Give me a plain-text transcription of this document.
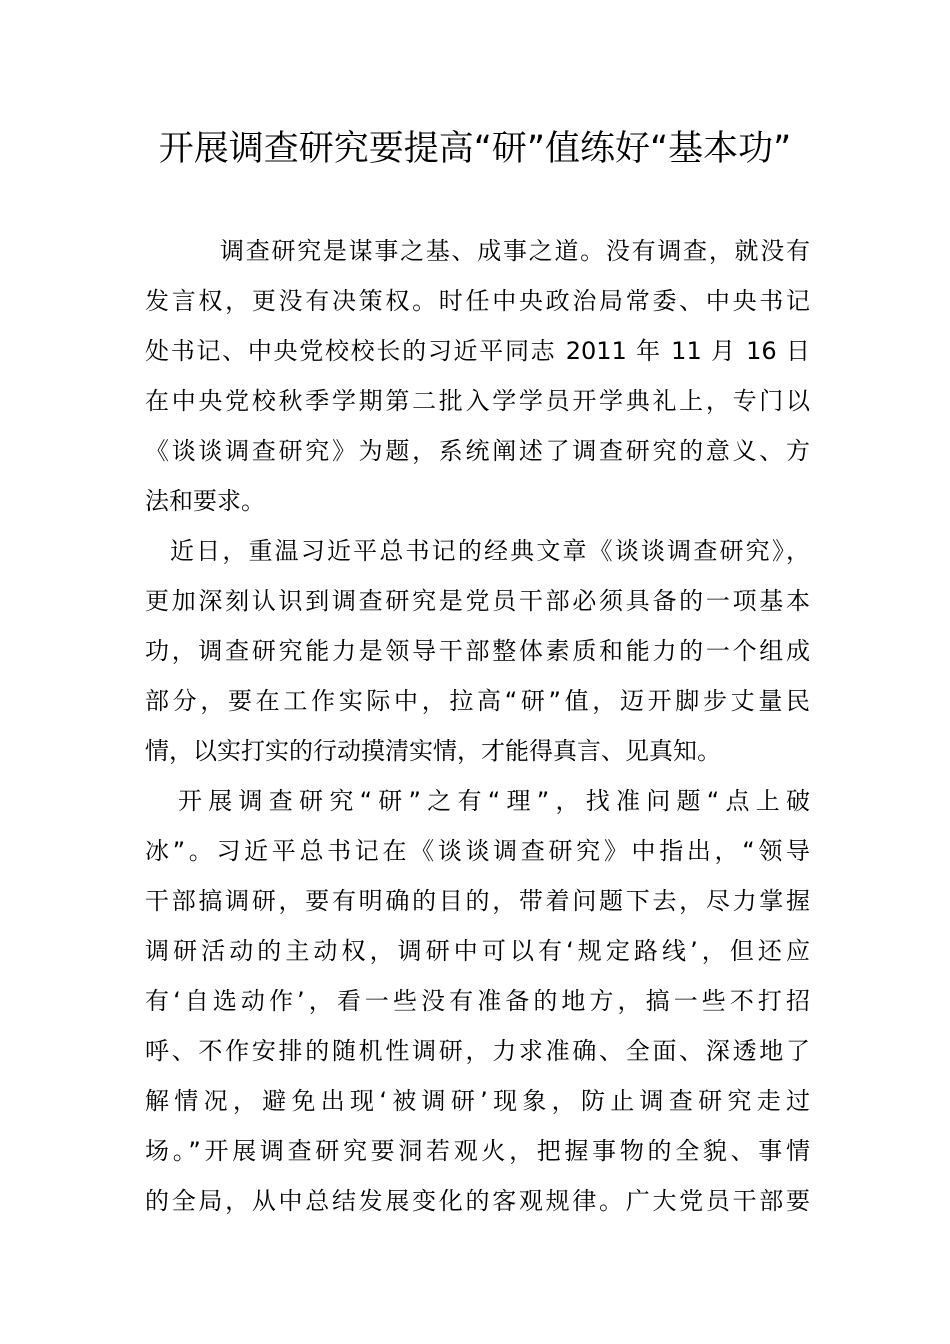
开展调查研究要提高“研”值练好“基本功”

调查研究是谋事之基、成事之道。没有调查，就没有

发言权，更没有决策权。时任中央政治局常委、中央书记

处书记、中央党校校长的习近平同志 2011 年 11 月 16 日

在中央党校秋季学期第二批入学学员开学典礼上，专门以

《谈谈调查研究》为题，系统阐述了调查研究的意义、方

法和要求。

近日，重温习近平总书记的经典文章《谈谈调查研究》，

更加深刻认识到调查研究是党员干部必须具备的一项基本

功，调查研究能力是领导干部整体素质和能力的一个组成

部分，要在工作实际中，拉高“研”值，迈开脚步丈量民

情，以实打实的行动摸清实情，才能得真言、见真知。

开展调查研究“研”之有“理”，找准问题“点上破

冰”。习近平总书记在《谈谈调查研究》中指出，“领导

干部搞调研，要有明确的目的，带着问题下去，尽力掌握

调研活动的主动权，调研中可以有‘规定路线’，但还应

有‘自选动作’，看一些没有准备的地方，搞一些不打招

呼、不作安排的随机性调研，力求准确、全面、深透地了

解情况，避免出现‘被调研’现象，防止调查研究走过

场。”开展调查研究要洞若观火，把握事物的全貌、事情

的全局，从中总结发展变化的客观规律。广大党员干部要
